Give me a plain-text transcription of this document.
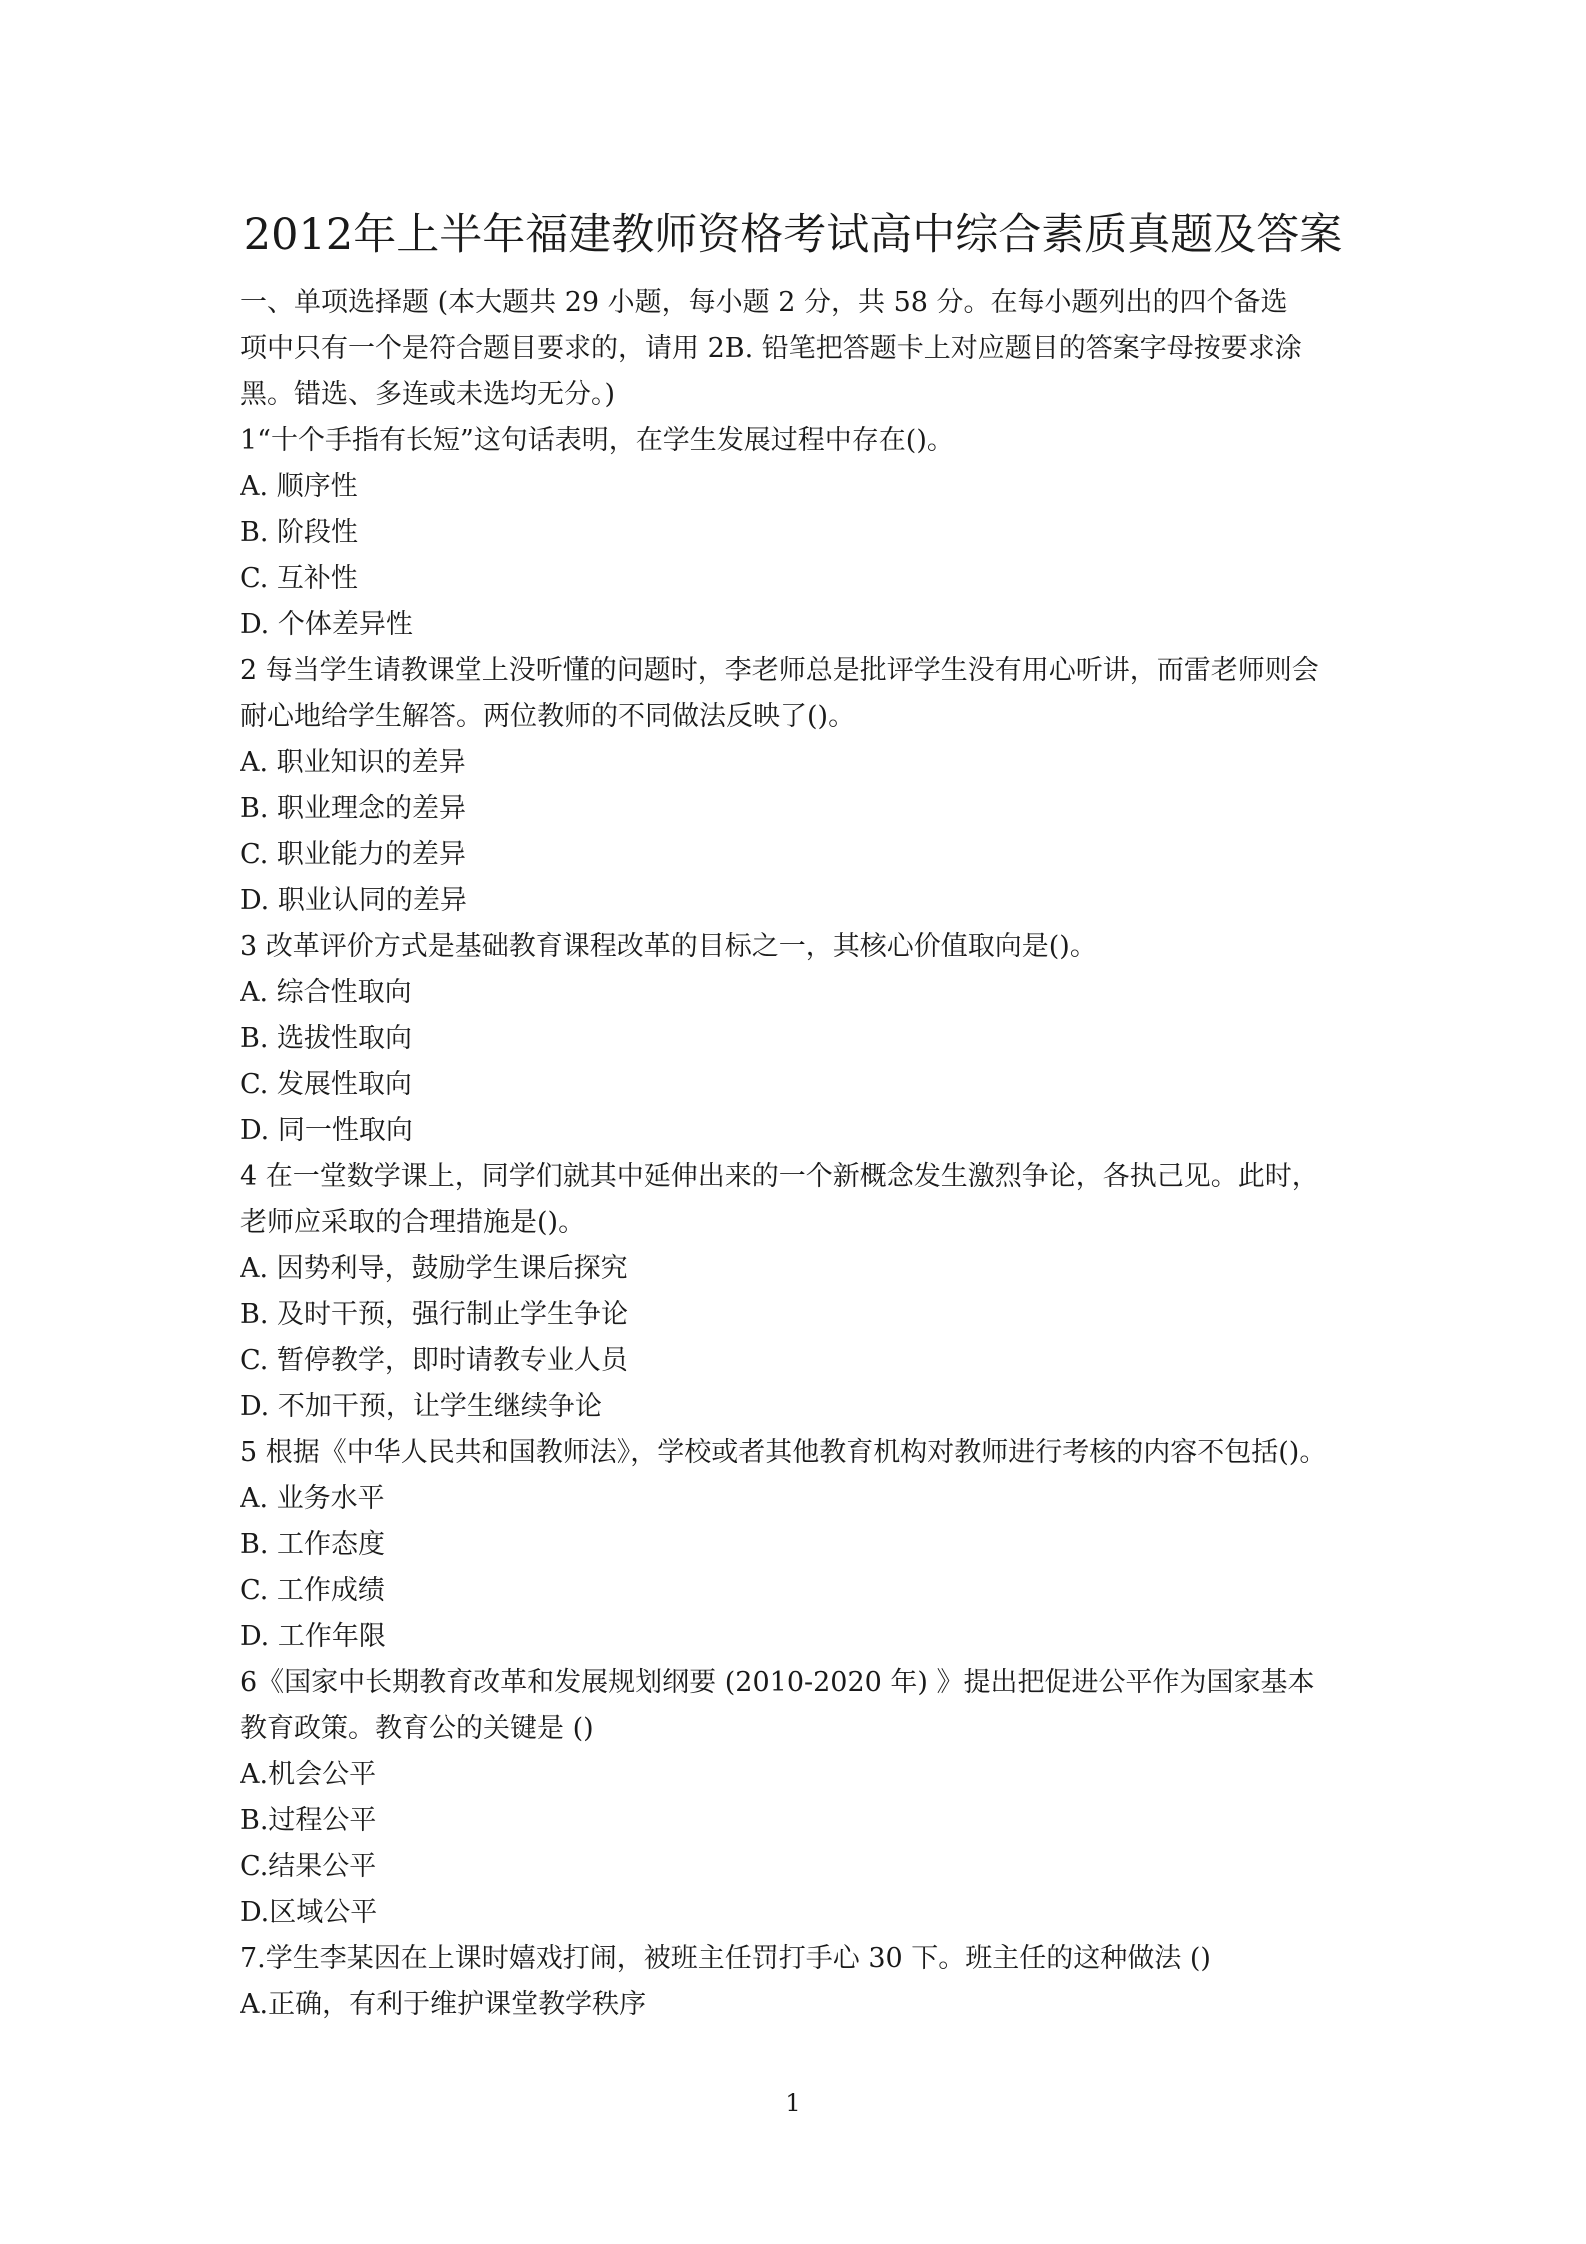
2012年上半年福建教师资格考试高中综合素质真题及答案
一、单项选择题 (本大题共 29 小题，每小题 2 分，共 58 分。在每小题列出的四个备选
项中只有一个是符合题目要求的，请用 2B. 铅笔把答题卡上对应题目的答案字母按要求涂
黑。错选、多连或未选均无分。)
1“十个手指有长短”这句话表明，在学生发展过程中存在()。
A. 顺序性
B. 阶段性
C. 互补性
D. 个体差异性
2 每当学生请教课堂上没听懂的问题时，李老师总是批评学生没有用心听讲，而雷老师则会
耐心地给学生解答。两位教师的不同做法反映了()。
A. 职业知识的差异
B. 职业理念的差异
C. 职业能力的差异
D. 职业认同的差异
3 改革评价方式是基础教育课程改革的目标之一，其核心价值取向是()。
A. 综合性取向
B. 选拔性取向
C. 发展性取向
D. 同一性取向
4 在一堂数学课上，同学们就其中延伸出来的一个新概念发生激烈争论，各执己见。此时，
老师应采取的合理措施是()。
A. 因势利导，鼓励学生课后探究
B. 及时干预，强行制止学生争论
C. 暂停教学，即时请教专业人员
D. 不加干预，让学生继续争论
5 根据《中华人民共和国教师法》，学校或者其他教育机构对教师进行考核的内容不包括()。
A. 业务水平
B. 工作态度
C. 工作成绩
D. 工作年限
6《国家中长期教育改革和发展规划纲要 (2010-2020 年) 》提出把促进公平作为国家基本
教育政策。教育公的关键是 ()
A.机会公平
B.过程公平
C.结果公平
D.区域公平
7.学生李某因在上课时嬉戏打闹，被班主任罚打手心 30 下。班主任的这种做法 ()
A.正确，有利于维护课堂教学秩序
1
